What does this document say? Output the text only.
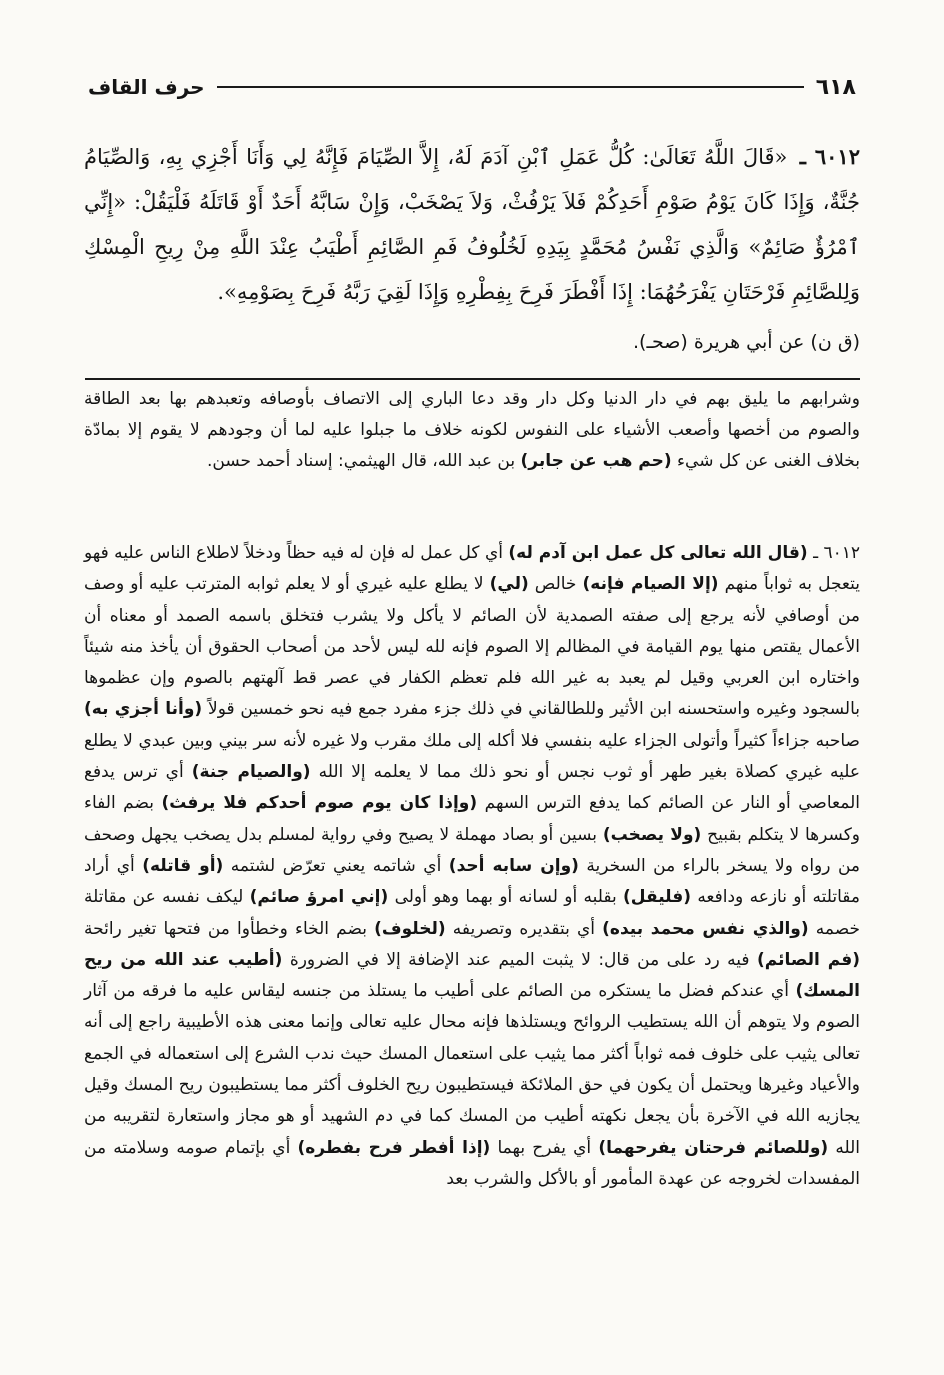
٦١٨
حرف القاف
٦٠١٢ ـ «قَالَ اللَّهُ تَعَالَىٰ: كُلُّ عَمَلِ ٱبْنِ آدَمَ لَهُ، إِلاَّ الصِّيَامَ فَإِنَّهُ لِي وَأَنَا أَجْزِي بِهِ، وَالصِّيَامُ جُنَّةٌ، وَإِذَا كَانَ يَوْمُ صَوْمِ أَحَدِكُمْ فَلاَ يَرْفُثْ، وَلاَ يَصْخَبْ، وَإِنْ سَابَّهُ أَحَدٌ أَوْ قَاتَلَهُ فَلْيَقُلْ: «إِنِّي ٱمْرُؤٌ صَائِمٌ» وَالَّذِي نَفْسُ مُحَمَّدٍ بِيَدِهِ لَخُلُوفُ فَمِ الصَّائِمِ أَطْيَبُ عِنْدَ اللَّهِ مِنْ رِيحِ الْمِسْكِ وَلِلصَّائِمِ فَرْحَتَانِ يَفْرَحُهُمَا: إِذَا أَفْطَرَ فَرِحَ بِفِطْرِهِ وَإِذَا لَقِيَ رَبَّهُ فَرِحَ بِصَوْمِهِ».
(ق ن) عن أبي هريرة (صحـ).
وشرابهم ما يليق بهم في دار الدنيا وكل دار وقد دعا الباري إلى الاتصاف بأوصافه وتعبدهم بها بعد الطاقة والصوم من أخصها وأصعب الأشياء على النفوس لكونه خلاف ما جبلوا عليه لما أن وجودهم لا يقوم إلا بمادّة بخلاف الغنى عن كل شيء (حم هب عن جابر) بن عبد الله، قال الهيثمي: إسناد أحمد حسن.

٦٠١٢ ـ (قال الله تعالى كل عمل ابن آدم له) أي كل عمل له فإن له فيه حظاً ودخلاً لاطلاع الناس عليه فهو يتعجل به ثواباً منهم (إلا الصيام فإنه) خالص (لي) لا يطلع عليه غيري أو لا يعلم ثوابه المترتب عليه أو وصف من أوصافي لأنه يرجع إلى صفته الصمدية لأن الصائم لا يأكل ولا يشرب فتخلق باسمه الصمد أو معناه أن الأعمال يقتص منها يوم القيامة في المظالم إلا الصوم فإنه لله ليس لأحد من أصحاب الحقوق أن يأخذ منه شيئاً واختاره ابن العربي وقيل لم يعبد به غير الله فلم تعظم الكفار في عصر قط آلهتهم بالصوم وإن عظموها بالسجود وغيره واستحسنه ابن الأثير وللطالقاني في ذلك جزء مفرد جمع فيه نحو خمسين قولاً (وأنا أجزي به) صاحبه جزاءاً كثيراً وأتولى الجزاء عليه بنفسي فلا أكله إلى ملك مقرب ولا غيره لأنه سر بيني وبين عبدي لا يطلع عليه غيري كصلاة بغير طهر أو ثوب نجس أو نحو ذلك مما لا يعلمه إلا الله (والصيام جنة) أي ترس يدفع المعاصي أو النار عن الصائم كما يدفع الترس السهم (وإذا كان يوم صوم أحدكم فلا يرفث) بضم الفاء وكسرها لا يتكلم بقبيح (ولا يصخب) بسين أو بصاد مهملة لا يصيح وفي رواية لمسلم بدل يصخب يجهل وصحف من رواه ولا يسخر بالراء من السخرية (وإن سابه أحد) أي شاتمه يعني تعرّض لشتمه (أو قاتله) أي أراد مقاتلته أو نازعه ودافعه (فليقل) بقلبه أو لسانه أو بهما وهو أولى (إني امرؤ صائم) ليكف نفسه عن مقاتلة خصمه (والذي نفس محمد بيده) أي بتقديره وتصريفه (لخلوف) بضم الخاء وخطأوا من فتحها تغير رائحة (فم الصائم) فيه رد على من قال: لا يثبت الميم عند الإضافة إلا في الضرورة (أطيب عند الله من ريح المسك) أي عندكم فضل ما يستكره من الصائم على أطيب ما يستلذ من جنسه ليقاس عليه ما فرقه من آثار الصوم ولا يتوهم أن الله يستطيب الروائح ويستلذها فإنه محال عليه تعالى وإنما معنى هذه الأطيبية راجع إلى أنه تعالى يثيب على خلوف فمه ثواباً أكثر مما يثيب على استعمال المسك حيث ندب الشرع إلى استعماله في الجمع والأعياد وغيرها ويحتمل أن يكون في حق الملائكة فيستطيبون ريح الخلوف أكثر مما يستطيبون ريح المسك وقيل يجازيه الله في الآخرة بأن يجعل نكهته أطيب من المسك كما في دم الشهيد أو هو مجاز واستعارة لتقريبه من الله (وللصائم فرحتان يفرحهما) أي يفرح بهما (إذا أفطر فرح بفطره) أي بإتمام صومه وسلامته من المفسدات لخروجه عن عهدة المأمور أو بالأكل والشرب بعد
